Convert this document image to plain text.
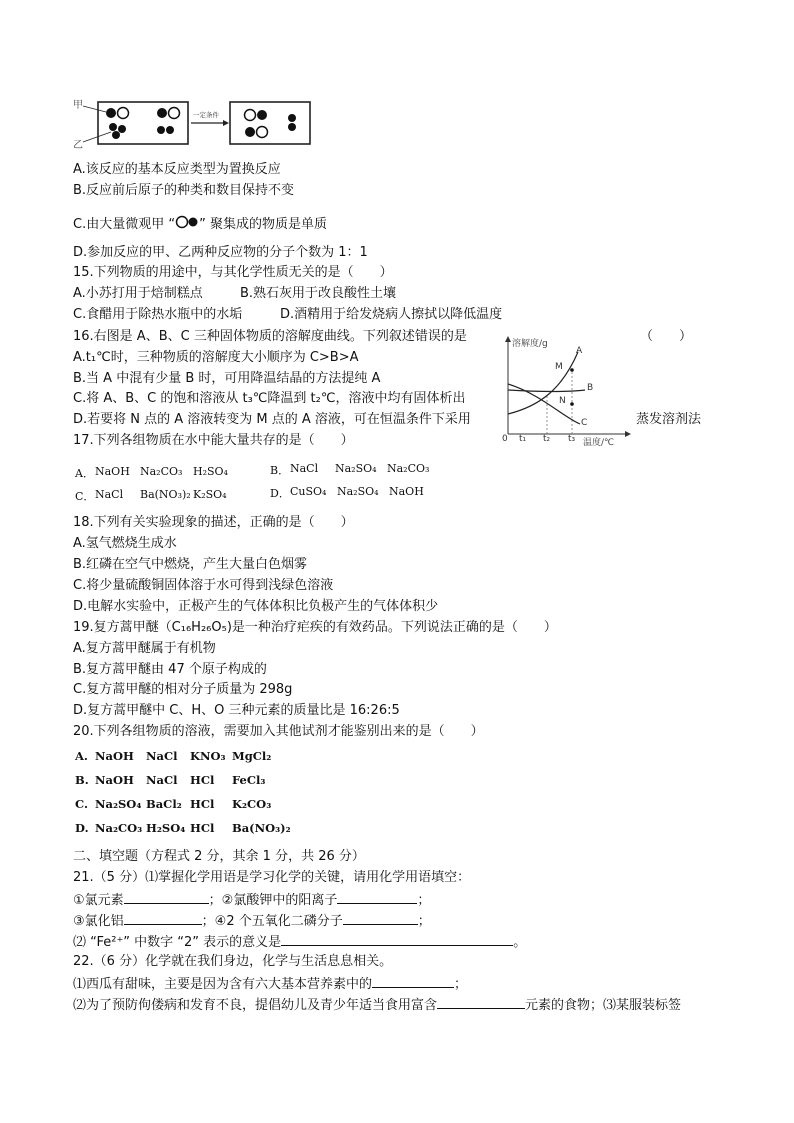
甲
乙
一定条件
A.该反应的基本反应类型为置换反应
B.反应前后原子的种类和数目保持不变
C.由大量微观甲 “ ” 聚集成的物质是单质
D.参加反应的甲、乙两种反应物的分子个数为 1：1
15.下列物质的用途中，与其化学性质无关的是（　　）
A.小苏打用于焙制糕点	B.熟石灰用于改良酸性土壤
C.食醋用于除热水瓶中的水垢	D.酒精用于给发烧病人擦拭以降低温度
16.右图是 A、B、C 三种固体物质的溶解度曲线。下列叙述错误的是	（　　）
A.t₁℃时，三种物质的溶解度大小顺序为 C>B>A
B.当 A 中混有少量 B 时，可用降温结晶的方法提纯 A
C.将 A、B、C 的饱和溶液从 t₃℃降温到 t₂℃，溶液中均有固体析出
D.若要将 N 点的 A 溶液转变为 M 点的 A 溶液，可在恒温条件下采用	蒸发溶剂法
溶解度/g
A
M
B
N
C
0 t₁ t₂ t₃ 温度/℃
17.下列各组物质在水中能大量共存的是（　　）
A． NaOH Na₂CO₃ H₂SO₄	B． NaCl Na₂SO₄ Na₂CO₃
C． NaCl Ba(NO₃)₂ K₂SO₄	D． CuSO₄ Na₂SO₄ NaOH
18.下列有关实验现象的描述，正确的是（　　）
A.氢气燃烧生成水
B.红磷在空气中燃烧，产生大量白色烟雾
C.将少量硫酸铜固体溶于水可得到浅绿色溶液
D.电解水实验中，正极产生的气体体积比负极产生的气体体积少
19.复方蒿甲醚（C₁₆H₂₆O₅)是一种治疗疟疾的有效药品。下列说法正确的是（　　）
A.复方蒿甲醚属于有机物
B.复方蒿甲醚由 47 个原子构成的
C.复方蒿甲醚的相对分子质量为 298g
D.复方蒿甲醚中 C、H、O 三种元素的质量比是 16:26:5
20.下列各组物质的溶液，需要加入其他试剂才能鉴别出来的是（　　）
A. NaOH NaCl KNO₃ MgCl₂
B. NaOH NaCl HCl FeCl₃
C. Na₂SO₄ BaCl₂ HCl K₂CO₃
D. Na₂CO₃ H₂SO₄ HCl Ba(NO₃)₂
二、填空题（方程式 2 分，其余 1 分，共 26 分）
21.（5 分）⑴掌握化学用语是学习化学的关键，请用化学用语填空：
①氯元素	；②氯酸钾中的阳离子	；
③氯化铝	；④2 个五氧化二磷分子	；
⑵ “Fe²⁺” 中数字 “2” 表示的意义是	。
22.（6 分）化学就在我们身边，化学与生活息息相关。
⑴西瓜有甜味，主要是因为含有六大基本营养素中的	；
⑵为了预防佝偻病和发育不良，提倡幼儿及青少年适当食用富含	元素的食物；⑶某服装标签
